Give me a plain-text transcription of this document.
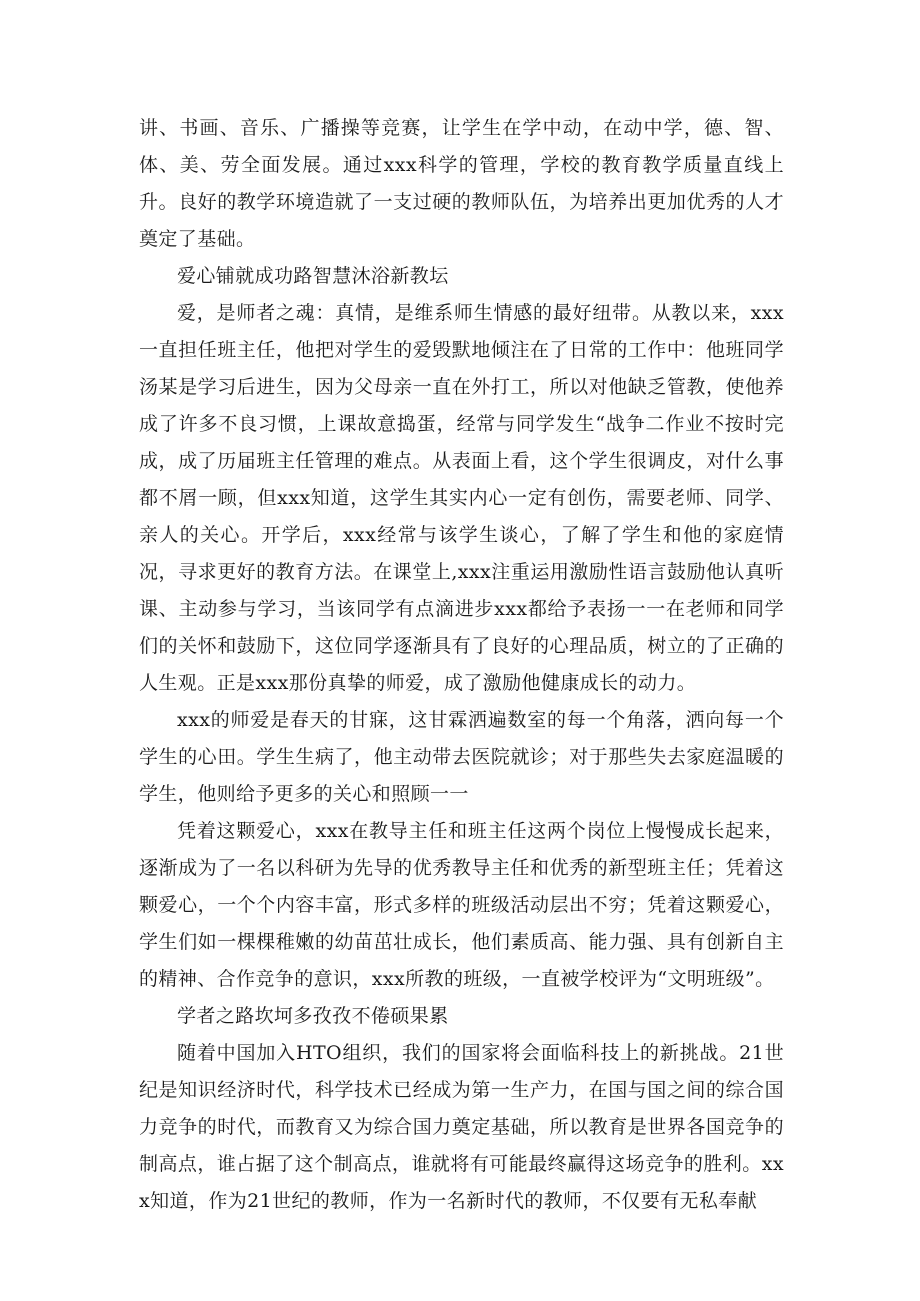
讲、书画、音乐、广播操等竞赛，让学生在学中动，在动中学，德、智、体、美、劳全面发展。通过xxx科学的管理，学校的教育教学质量直线上升。良好的教学环境造就了一支过硬的教师队伍，为培养出更加优秀的人才奠定了基础。

爱心铺就成功路智慧沐浴新教坛

爱，是师者之魂：真情，是维系师生情感的最好纽带。从教以来，xxx一直担任班主任，他把对学生的爱毁默地倾注在了日常的工作中：他班同学汤某是学习后进生，因为父母亲一直在外打工，所以对他缺乏管教，使他养成了许多不良习惯，上课故意捣蛋，经常与同学发生“战争二作业不按时完成，成了历届班主任管理的难点。从表面上看，这个学生很调皮，对什么事都不屑一顾，但xxx知道，这学生其实内心一定有创伤，需要老师、同学、亲人的关心。开学后，xxx经常与该学生谈心，了解了学生和他的家庭情况，寻求更好的教育方法。在课堂上,xxx注重运用激励性语言鼓励他认真听课、主动参与学习，当该同学有点滴进步xxx都给予表扬一一在老师和同学们的关怀和鼓励下，这位同学逐渐具有了良好的心理品质，树立的了正确的人生观。正是xxx那份真挚的师爱，成了激励他健康成长的动力。

xxx的师爱是春天的甘寐，这甘霖洒遍数室的每一个角落，洒向每一个学生的心田。学生生病了，他主动带去医院就诊；对于那些失去家庭温暖的学生，他则给予更多的关心和照顾一一

凭着这颗爱心，xxx在教导主任和班主任这两个岗位上慢慢成长起来，逐渐成为了一名以科研为先导的优秀教导主任和优秀的新型班主任；凭着这颗爱心，一个个内容丰富，形式多样的班级活动层出不穷；凭着这颗爱心，学生们如一棵棵稚嫩的幼苗茁壮成长，他们素质高、能力强、具有创新自主的精神、合作竞争的意识，xxx所教的班级，一直被学校评为“文明班级”。

学者之路坎坷多孜孜不倦硕果累

随着中国加入HTO组织，我们的国家将会面临科技上的新挑战。21世纪是知识经济时代，科学技术已经成为第一生产力，在国与国之间的综合国力竞争的时代，而教育又为综合国力奠定基础，所以教育是世界各国竞争的制高点，谁占据了这个制高点，谁就将有可能最终赢得这场竞争的胜利。xxx知道，作为21世纪的教师，作为一名新时代的教师，不仅要有无私奉献
